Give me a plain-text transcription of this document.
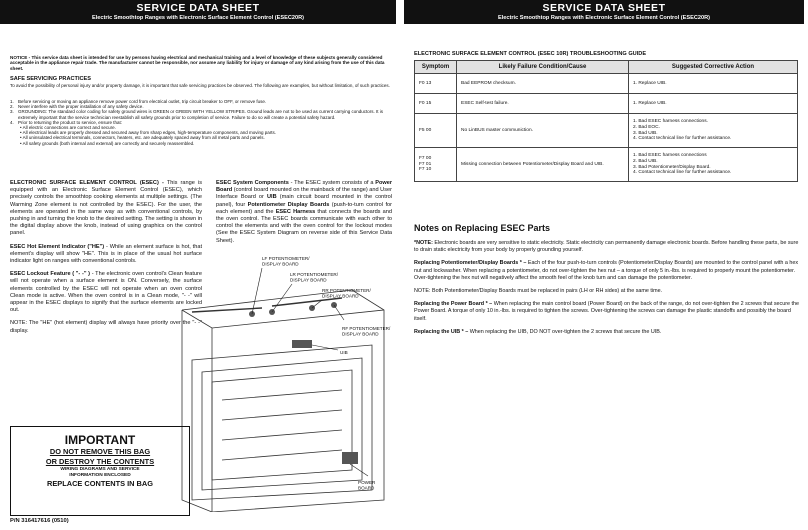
SERVICE DATA SHEET
Electric Smoothtop Ranges with Electronic Surface Element Control (ESEC20R)
NOTICE - This service data sheet is intended for use by persons having electrical and mechanical training and a level of knowledge of these subjects generally considered acceptable in the appliance repair trade. The manufacturer cannot be responsible, nor assume any liability for injury or damage of any kind arising from the use of this data sheet.
SAFE SERVICING PRACTICES
To avoid the possibility of personal injury and/or property damage, it is important that safe servicing practices be observed. The following are examples, but without limitation, of such practices.
1. Before servicing or moving an appliance remove power cord from electrical outlet, trip circuit breaker to OFF, or remove fuse.
2. Never interfere with the proper installation of any safety device.
3. GROUNDING: The standard color coding for safety ground wires is GREEN or GREEN WITH YELLOW STRIPES. Ground leads are not to be used as current carrying conductors. It is extremely important that the service technician reestablish all safety grounds prior to completion of service. Failure to do so will create a potential safety hazard.
4. Prior to returning the product to service, ensure that:
• All electric connections are correct and secure.
• All electrical leads are properly dressed and secured away from sharp edges, high-temperature components, and moving parts.
• All uninsulated electrical terminals, connectors, heaters, etc. are adequately spaced away from all metal parts and panels.
• All safety grounds (both internal and external) are correctly and securely reassembled.

ELECTRONIC SURFACE ELEMENT CONTROL (ESEC) - This range is equipped with an Electronic Surface Element Control (ESEC), which precisely controls the smoothtop cooking elements at multiple settings. (The Warming Zone element is not controlled by the ESEC). For the user, the elements are operated in the same way as with conventional controls, by pushing in and turning the knob to the desired setting. The setting is shown in the digital display above the knob, instead of using graphics on the control panel.

ESEC Hot Element Indicator ("HE") - While an element surface is hot, that element's display will show "HE". This is in place of the usual hot surface indicator light on ranges with conventional controls.

ESEC Lockout Feature ( "- -" ) - The electronic oven control's Clean feature will not operate when a surface element is ON. Conversely, the surface elements controlled by the ESEC will not operate when an oven control Clean mode is active. When the oven control is in a Clean mode, "- -" will appear in the ESEC displays to signify that the surface elements are locked out.

NOTE: The "HE" (hot element) display will always have priority over the "- -" display.

ESEC System Components - The ESEC system consists of a Power Board (control board mounted on the mainback of the range) and User Interface Board or UIB (main circuit board mounted in the control panel), four Potentiometer Display Boards (push-to-turn control for each element) and the ESEC Harness that connects the boards and the oven control. The ESEC boards communicate with each other to control the elements and with the oven control for the lockout modes (See the ESEC System Diagram on reverse side of this Service Data Sheet).
LF POTENTIOMETER/ DISPLAY BOARD
LR POTENTIOMETER/ DISPLAY BOARD
RR POTENTIOMETER/ DISPLAY BOARD
RF POTENTIOMETER/ DISPLAY BOARD
UIB
POWER BOARD
IMPORTANT
DO NOT REMOVE THIS BAG
OR DESTROY THE CONTENTS
WIRING DIAGRAMS AND SERVICE
INFORMATION ENCLOSED
REPLACE CONTENTS IN BAG
P/N 316417616 (0510)
SERVICE DATA SHEET
Electric Smoothtop Ranges with Electronic Surface Element Control (ESEC20R)
ELECTRONIC SURFACE ELEMENT CONTROL (ESEC 10R) TROUBLESHOOTING GUIDE
Symptom	Likely Failure Condition/Cause	Suggested Corrective Action
F0 13	Bad EEPROM checksum.	1. Replace UIB.
F0 15	ESEC Self-test failure.	1. Replace UIB.
F5 00	No LinBUS master communiction.	1. Bad ESEC harness connections.
2. Bad EOC.
3. Bad UIB.
4. Contact technical line for further assistance.
F7 00
F7 01
F7 10	Missing connection between Potentiometer/Display Board and UIB.	1. Bad ESEC harness connections
2. Bad UIB.
3. Bad Potentiometer/Display Board.
4. Contact technical line for further assistance.
Notes on Replacing ESEC Parts

*NOTE: Electronic boards are very sensitive to static electricity. Static electricity can permanently damage electronic boards. Before handling these parts, be sure to drain static electricity from your body by properly grounding yourself.

Replacing Potentiometer/Display Boards * – Each of the four push-to-turn controls (Potentiometer/Display Boards) are mounted to the control panel with a hex nut and lockwasher. When replacing a potentiometer, do not over-tighten the hex nut – a torque of only 5 in.-lbs. is required to properly mount the potentiometer. Over-tightening the hex nut will negatively affect the smooth feel of the knob turn and can damage the potentiometer.

NOTE: Both Potentiometer/Display Boards must be replaced in pairs (LH or RH sides) at the same time.

Replacing the Power Board * – When replacing the main control board (Power Board) on the back of the range, do not over-tighten the 2 screws that secure the Power Board. A torque of only 10 in.-lbs. is required to tighten the screws. Over-tightening the screws can damage the plastic standoffs and possibly the board itself.

Replacing the UIB * – When replacing the UIB, DO NOT over-tighten the 2 screws that secure the UIB.
